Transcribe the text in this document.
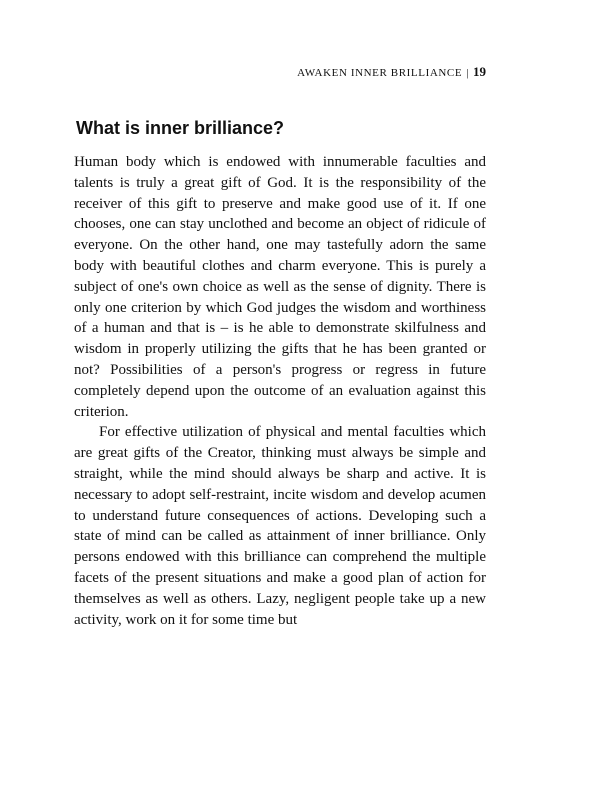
AWAKEN INNER BRILLIANCE | 19
What is inner brilliance?

Human body which is endowed with innumerable faculties and talents is truly a great gift of God. It is the responsibility of the receiver of this gift to preserve and make good use of it. If one chooses, one can stay unclothed and become an object of ridicule of everyone. On the other hand, one may tastefully adorn the same body with beautiful clothes and charm everyone. This is purely a subject of one's own choice as well as the sense of dignity. There is only one criterion by which God judges the wisdom and worthiness of a human and that is – is he able to demonstrate skilfulness and wisdom in properly utilizing the gifts that he has been granted or not? Possibilities of a person's progress or regress in future completely depend upon the outcome of an evaluation against this criterion.

For effective utilization of physical and mental faculties which are great gifts of the Creator, thinking must always be simple and straight, while the mind should always be sharp and active. It is necessary to adopt self-restraint, incite wisdom and develop acumen to understand future consequences of actions. Developing such a state of mind can be called as attainment of inner brilliance. Only persons endowed with this brilliance can comprehend the multiple facets of the present situations and make a good plan of action for themselves as well as others. Lazy, negligent people take up a new activity, work on it for some time but
